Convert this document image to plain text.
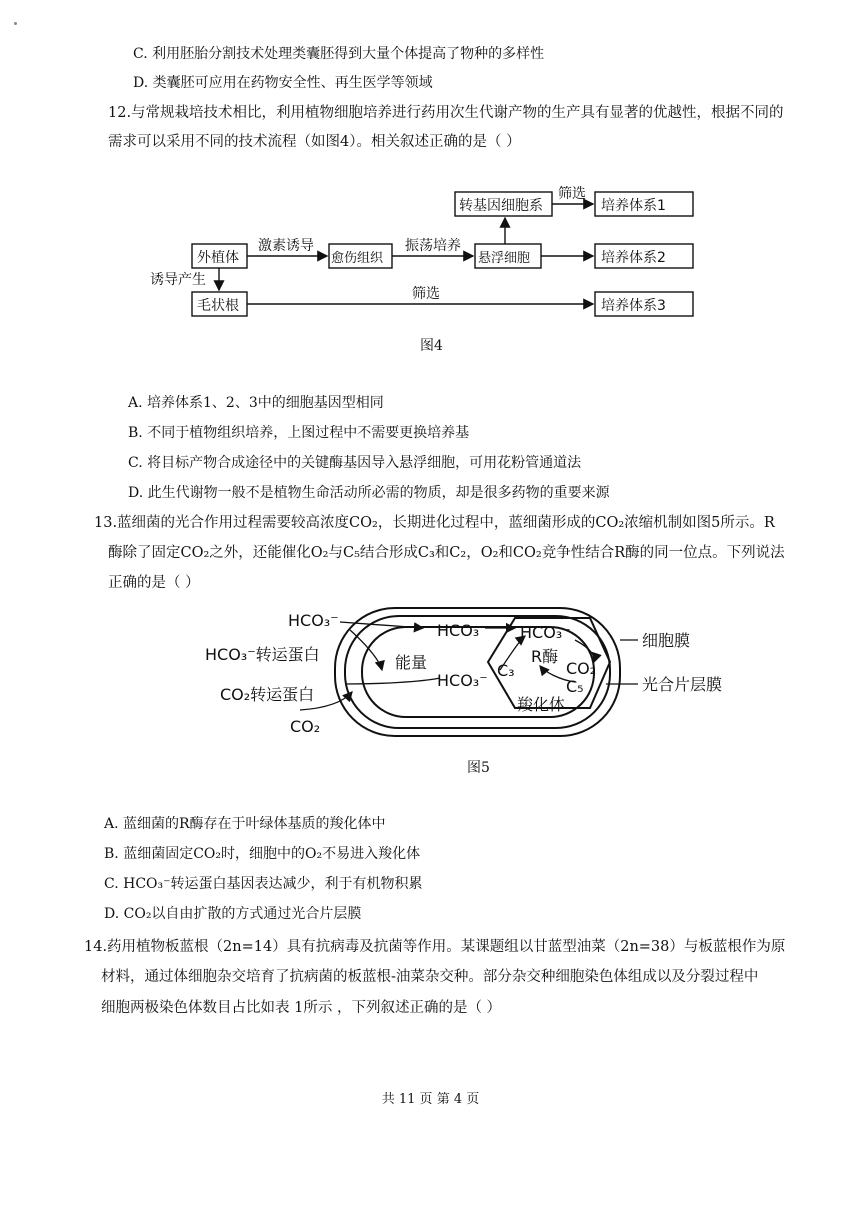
C. 利用胚胎分割技术处理类囊胚得到大量个体提高了物种的多样性
D. 类囊胚可应用在药物安全性、再生医学等领域
12.与常规栽培技术相比，利用植物细胞培养进行药用次生代谢产物的生产具有显著的优越性，根据不同的
需求可以采用不同的技术流程（如图4）。相关叙述正确的是（ ）
转基因细胞系	培养体系1
外植体	愈伤组织	悬浮细胞	培养体系2
毛状根	培养体系3
激素诱导	振荡培养
筛选
诱导产生
筛选
图4
A. 培养体系1、2、3中的细胞基因型相同
B. 不同于植物组织培养，上图过程中不需要更换培养基
C. 将目标产物合成途径中的关键酶基因导入悬浮细胞，可用花粉管通道法
D. 此生代谢物一般不是植物生命活动所必需的物质，却是很多药物的重要来源
13.蓝细菌的光合作用过程需要较高浓度CO₂，长期进化过程中，蓝细菌形成的CO₂浓缩机制如图5所示。R
酶除了固定CO₂之外，还能催化O₂与C₅结合形成C₃和C₂，O₂和CO₂竞争性结合R酶的同一位点。下列说法
正确的是（ ）
HCO₃⁻
HCO₃⁻转运蛋白
CO₂转运蛋白
CO₂
能量
HCO₃⁻
HCO₃⁻
HCO₃⁻
R酶
C₃	CO₂
C₅
羧化体
细胞膜
光合片层膜
图5
A. 蓝细菌的R酶存在于叶绿体基质的羧化体中
B. 蓝细菌固定CO₂时，细胞中的O₂不易进入羧化体
C. HCO₃⁻转运蛋白基因表达减少，利于有机物积累
D. CO₂以自由扩散的方式通过光合片层膜
14.药用植物板蓝根（2n=14）具有抗病毒及抗菌等作用。某课题组以甘蓝型油菜（2n=38）与板蓝根作为原
材料，通过体细胞杂交培育了抗病菌的板蓝根-油菜杂交种。部分杂交种细胞染色体组成以及分裂过程中
细胞两极染色体数目占比如表 1所示 ，下列叙述正确的是（ ）
共 11 页 第 4 页
